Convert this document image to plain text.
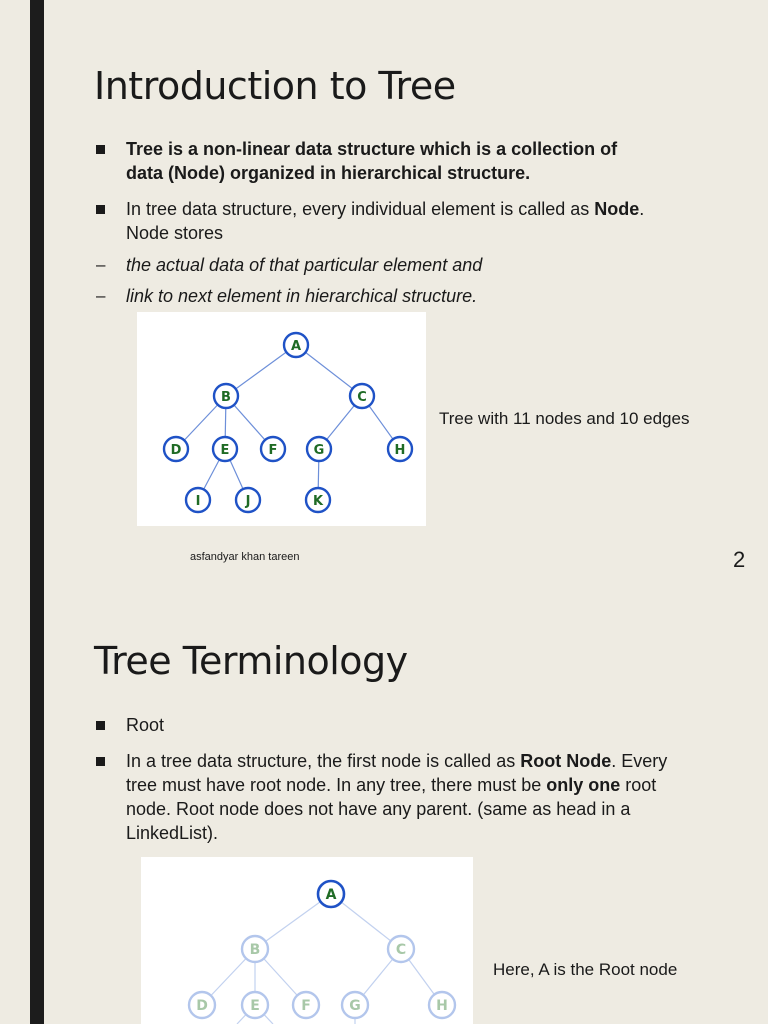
Introduction to Tree
Tree is a non-linear data structure which is a collection of data (Node) organized in hierarchical structure.
In tree data structure, every individual element is called as Node. Node stores
the actual data of that particular element and
link to next element in hierarchical structure.
A
B	C
D	E	F	G	H
I	J	K
Tree with 11 nodes and 10 edges
asfandyar khan tareen	2
Tree Terminology
Root
In a tree data structure, the first node is called as Root Node. Every tree must have root node. In any tree, there must be only one root node. Root node does not have any parent. (same as head in a LinkedList).
A
B	C
D	E	F	G	H
Here, A is the Root node
